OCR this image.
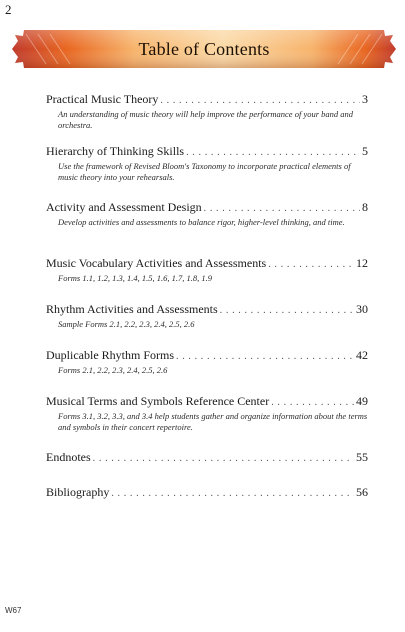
2
Table of Contents
Practical Music Theory . . .	3
An understanding of music theory will help improve the performance of your band and orchestra.
Hierarchy of Thinking Skills . . .	5
Use the framework of Revised Bloom's Taxonomy to incorporate practical elements of music theory into your rehearsals.
Activity and Assessment Design . . .	8
Develop activities and assessments to balance rigor, higher-level thinking, and time.
Music Vocabulary Activities and Assessments . . .	12
Forms 1.1, 1.2, 1.3, 1.4, 1.5, 1.6, 1.7, 1.8, 1.9
Rhythm Activities and Assessments . . .	30
Sample Forms 2.1, 2.2, 2.3, 2.4, 2.5, 2.6
Duplicable Rhythm Forms . . .	42
Forms 2.1, 2.2, 2.3, 2.4, 2.5, 2.6
Musical Terms and Symbols Reference Center . . .	49
Forms 3.1, 3.2, 3.3, and 3.4 help students gather and organize information about the terms and symbols in their concert repertoire.
Endnotes . . .	55
Bibliography . . .	56
W67
